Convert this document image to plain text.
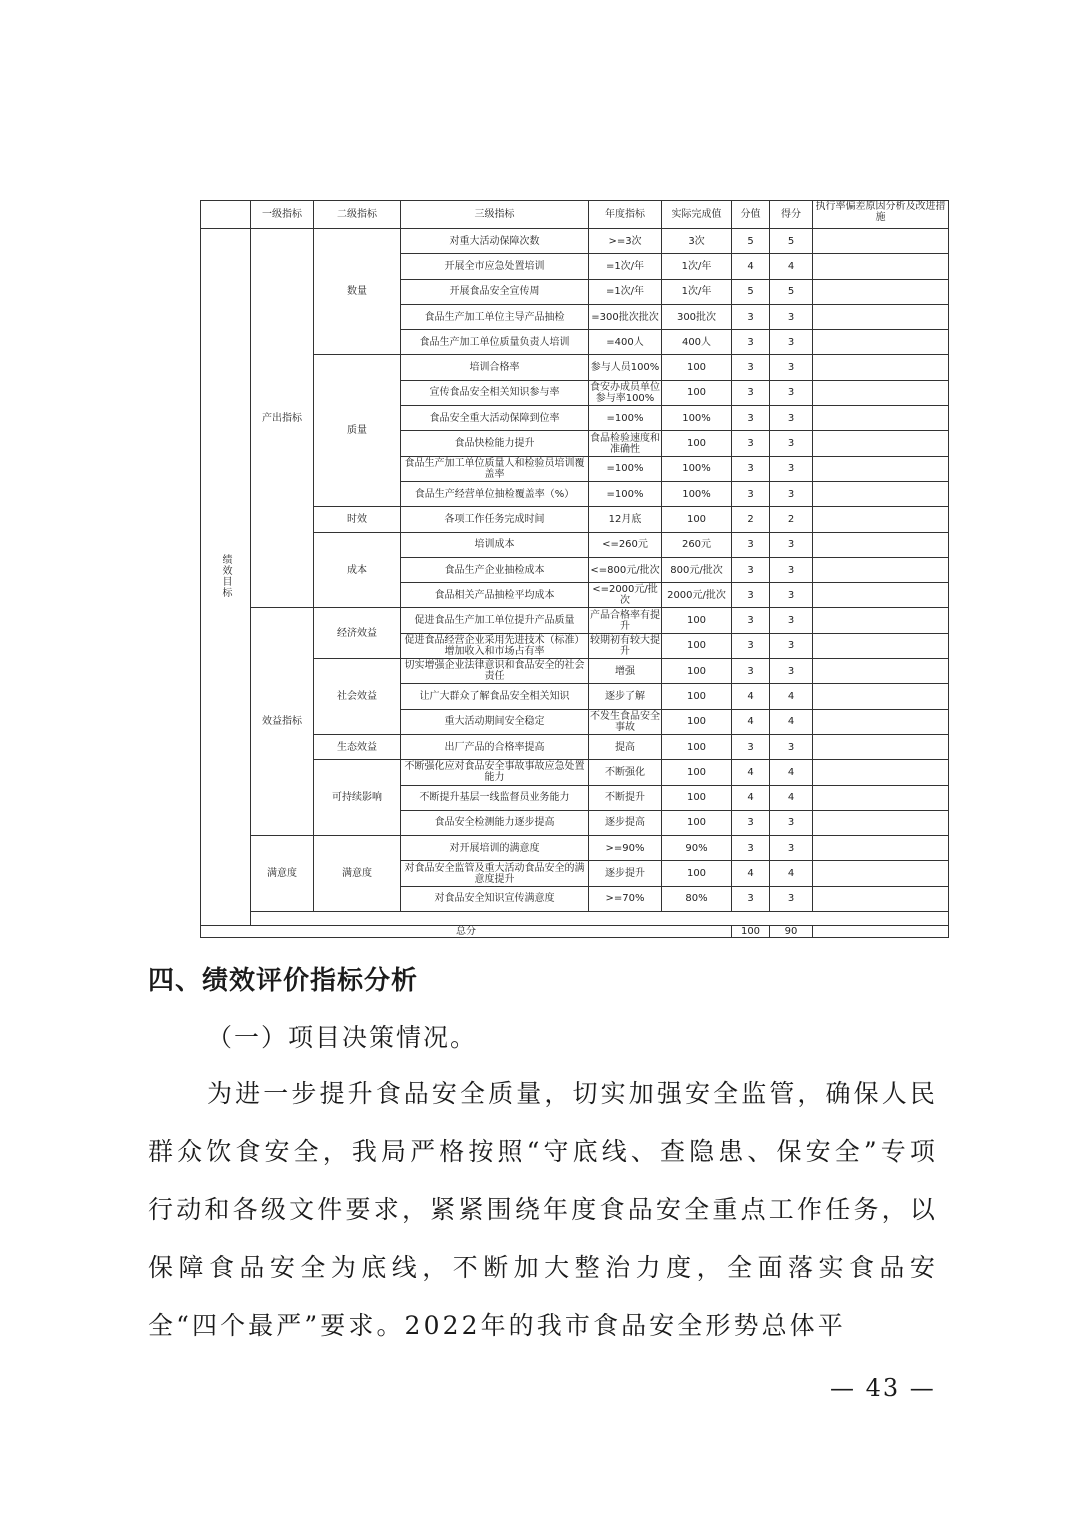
	一级指标	二级指标	三级指标	年度指标	实际完成值	分值	得分	执行率偏差原因分析及改进措施
绩效目标	产出指标	数量	对重大活动保障次数	>=3次	3次	5	5	
			开展全市应急处置培训	=1次/年	1次/年	4	4	
			开展食品安全宣传周	=1次/年	1次/年	5	5	
			食品生产加工单位主导产品抽检	=300批次批次	300批次	3	3	
			食品生产加工单位质量负责人培训	=400人	400人	3	3	
		质量	培训合格率	参与人员100%	100	3	3	
			宣传食品安全相关知识参与率	食安办成员单位参与率100%	100	3	3	
			食品安全重大活动保障到位率	=100%	100%	3	3	
			食品快检能力提升	食品检验速度和准确性	100	3	3	
			食品生产加工单位质量人和检验员培训覆盖率	=100%	100%	3	3	
			食品生产经营单位抽检覆盖率（%）	=100%	100%	3	3	
		时效	各项工作任务完成时间	12月底	100	2	2	
		成本	培训成本	<=260元	260元	3	3	
			食品生产企业抽检成本	<=800元/批次	800元/批次	3	3	
			食品相关产品抽检平均成本	<=2000元/批次	2000元/批次	3	3	
	效益指标	经济效益	促进食品生产加工单位提升产品质量	产品合格率有提升	100	3	3	
			促进食品经营企业采用先进技术（标准）增加收入和市场占有率	较期初有较大提升	100	3	3	
		社会效益	切实增强企业法律意识和食品安全的社会责任	增强	100	3	3	
			让广大群众了解食品安全相关知识	逐步了解	100	4	4	
			重大活动期间安全稳定	不发生食品安全事故	100	4	4	
		生态效益	出厂产品的合格率提高	提高	100	3	3	
		可持续影响	不断强化应对食品安全事故事故应急处置能力	不断强化	100	4	4	
			不断提升基层一线监督员业务能力	不断提升	100	4	4	
			食品安全检测能力逐步提高	逐步提高	100	3	3	
	满意度	满意度	对开展培训的满意度	>=90%	90%	3	3	
			对食品安全监管及重大活动食品安全的满意度提升	逐步提升	100	4	4	
			对食品安全知识宣传满意度	>=70%	80%	3	3	

总分						100	90	
四、绩效评价指标分析
（一）项目决策情况。
为进一步提升食品安全质量，切实加强安全监管，确保人民群众饮食安全，我局严格按照“守底线、查隐患、保安全”专项行动和各级文件要求，紧紧围绕年度食品安全重点工作任务，以保障食品安全为底线，不断加大整治力度，全面落实食品安全“四个最严”要求。2022年的我市食品安全形势总体平
— 43 —
